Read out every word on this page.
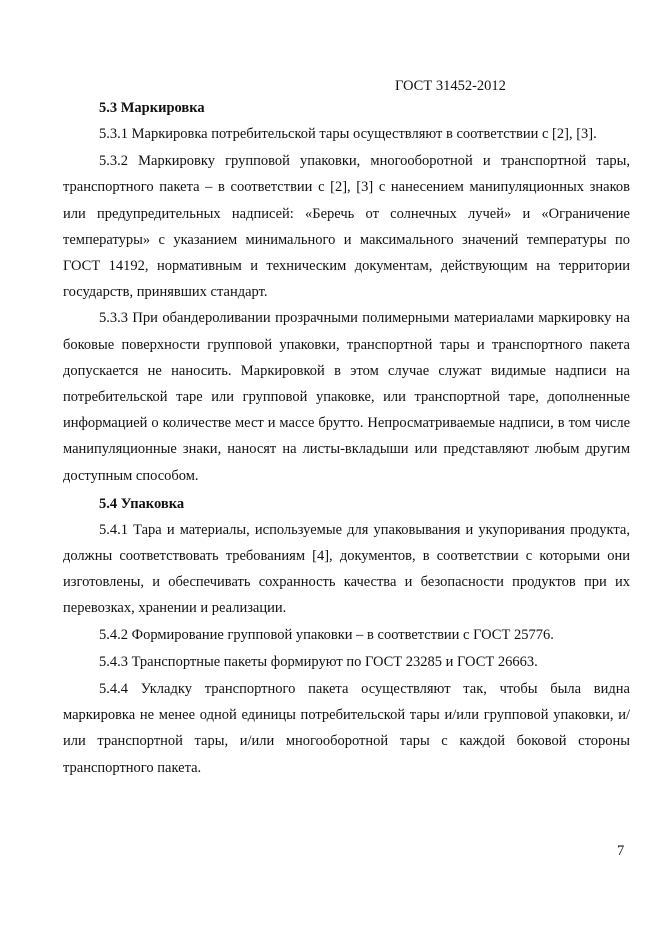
ГОСТ 31452-2012
5.3 Маркировка

5.3.1 Маркировка потребительской тары осуществляют в соответствии с [2], [3].

5.3.2 Маркировку групповой упаковки, многооборотной и транспортной тары, транспортного пакета – в соответствии с [2], [3] с нанесением манипуляционных знаков или предупредительных надписей: «Беречь от солнечных лучей» и «Ограничение температуры» с указанием минимального и максимального значений температуры по ГОСТ 14192, нормативным и техническим документам, действующим на территории государств, принявших стандарт.

5.3.3 При обандероливании прозрачными полимерными материалами маркировку на боковые поверхности групповой упаковки, транспортной тары и транспортного пакета допускается не наносить. Маркировкой в этом случае служат видимые надписи на потребительской таре или групповой упаковке, или транспортной таре, дополненные информацией о количестве мест и массе брутто. Непросматриваемые надписи, в том числе манипуляционные знаки, наносят на листы-вкладыши или представляют любым другим доступным способом.

5.4 Упаковка

5.4.1 Тара и материалы, используемые для упаковывания и укупоривания продукта, должны соответствовать требованиям [4], документов, в соответствии с которыми они изготовлены, и обеспечивать сохранность качества и безопасности продуктов при их перевозках, хранении и реализации.

5.4.2 Формирование групповой упаковки – в соответствии с ГОСТ 25776.

5.4.3 Транспортные пакеты формируют по ГОСТ 23285 и ГОСТ 26663.

5.4.4 Укладку транспортного пакета осуществляют так, чтобы была видна маркировка не менее одной единицы потребительской тары и/или групповой упаковки, и/или транспортной тары, и/или многооборотной тары с каждой боковой стороны транспортного пакета.

7
